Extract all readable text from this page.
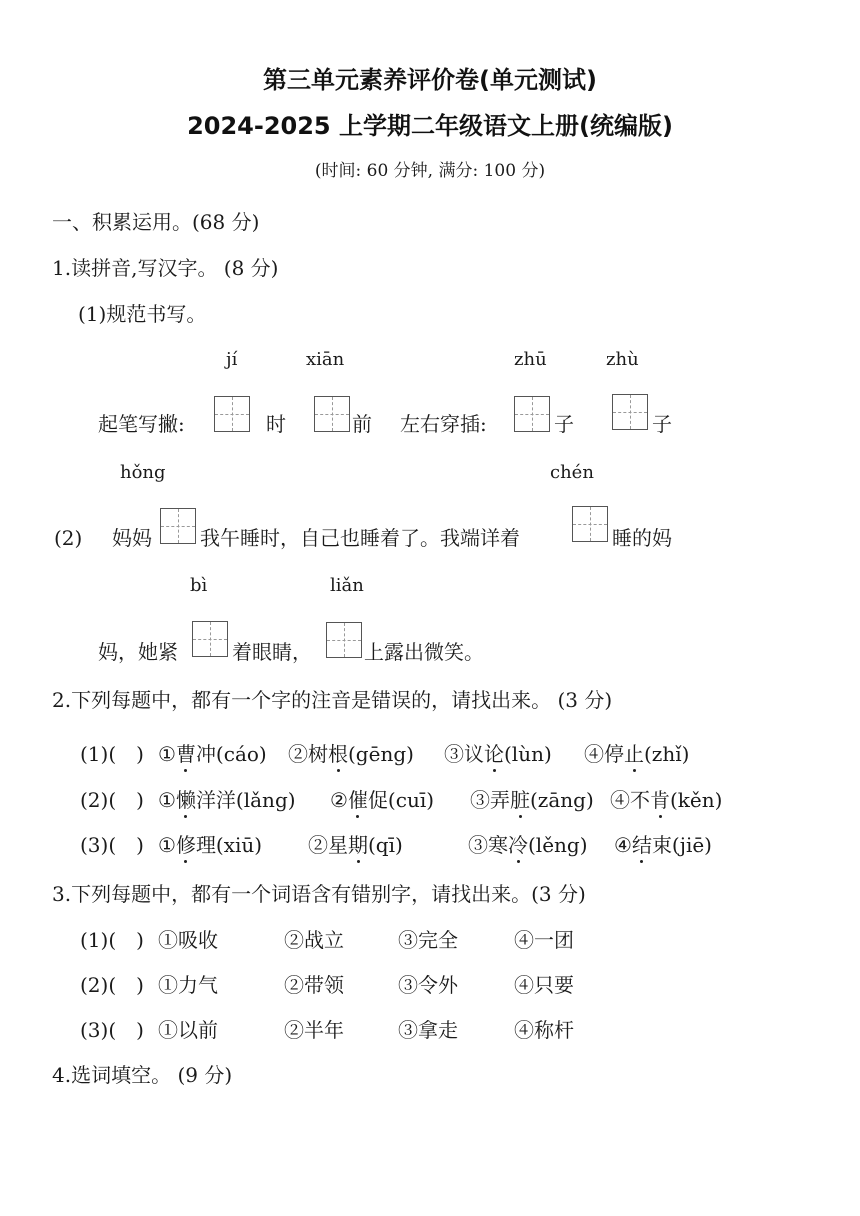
第三单元素养评价卷(单元测试)
2024-2025 上学期二年级语文上册(统编版)
(时间: 60 分钟, 满分: 100 分)
一、积累运用。(68 分)
1.读拼音,写汉字。 (8 分)
(1)规范书写。
jí	xiān	zhū	zhù
起笔写撇:	时	前 左右穿插:	子	子
hǒng	chén
(2) 妈妈 我午睡时，自己也睡着了。我端详着	睡的妈
bì	liǎn
妈，她紧	着眼睛，	上露出微笑。
2.下列每题中，都有一个字的注音是错误的，请找出来。 (3 分)
(1)(　) ①曹冲(cáo) ②树根(gēng) ③议论(lùn) ④停止(zhǐ)
(2)(　) ①懒洋洋(lǎng) ②催促(cuī) ③弄脏(zāng) ④不肯(kěn)
(3)(　) ①修理(xiū) ②星期(qī)	③寒冷(lěng) ④结束(jiē)
3.下列每题中，都有一个词语含有错别字，请找出来。(3 分)
(1)(　) ①吸收	②战立	③完全	④一团
(2)(　) ①力气	②带领	③令外	④只要
(3)(　) ①以前	②半年	③拿走	④称杆
4.选词填空。 (9 分)
